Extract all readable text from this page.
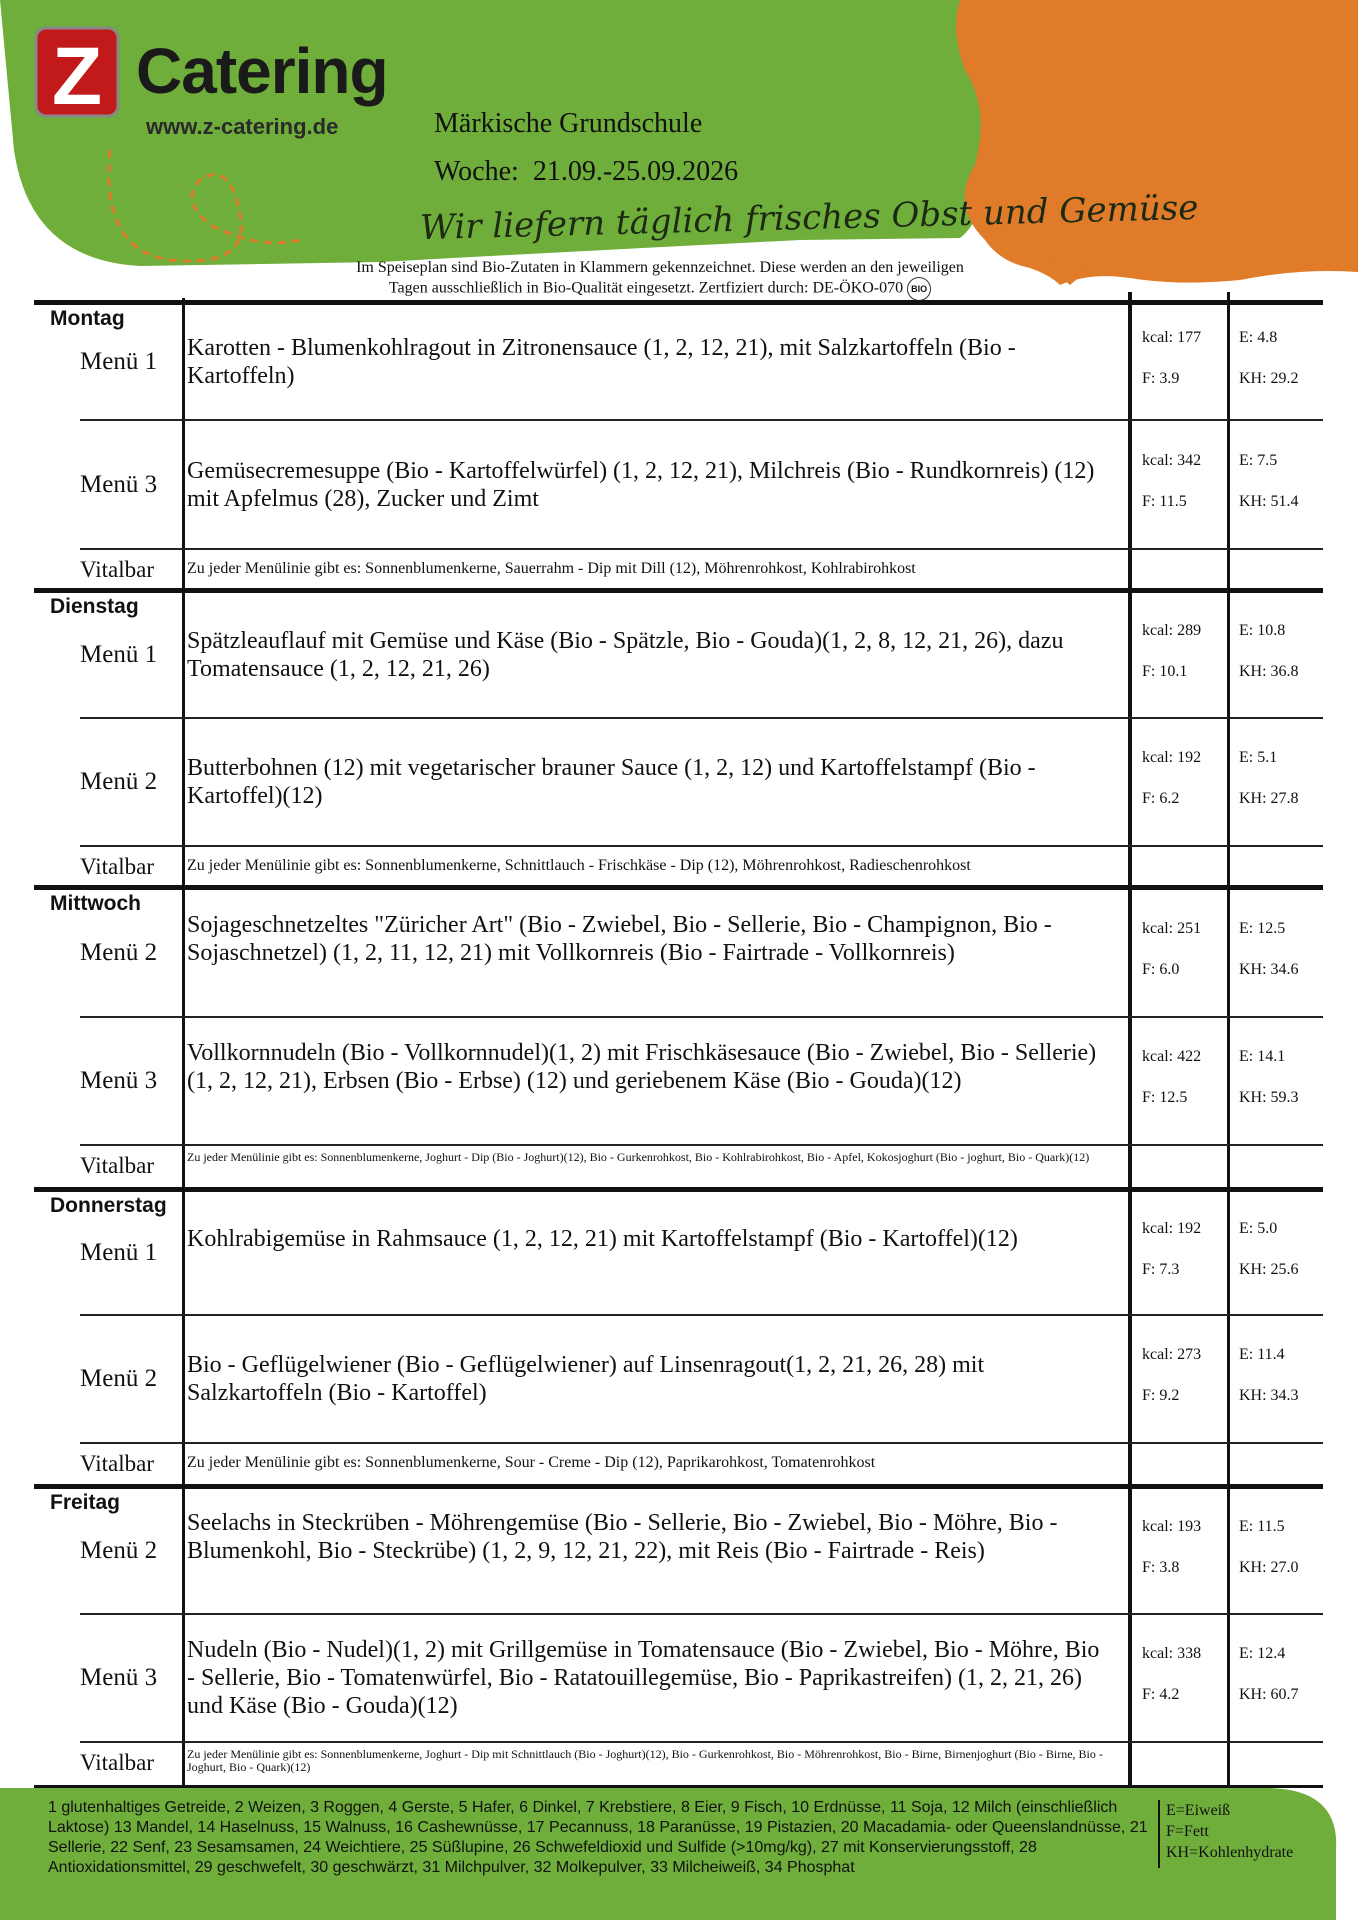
Z Catering
www.z-catering.de	Märkische Grundschule
Woche: 21.09.-25.09.2026
Wir liefern täglich frisches Obst und Gemüse
Im Speiseplan sind Bio-Zutaten in Klammern gekennzeichnet. Diese werden an den jeweiligen
Tagen ausschließlich in Bio-Qualität eingesetzt. Zertfiziert durch: DE-ÖKO-070 BIO
Montag
Menü 1	Karotten - Blumenkohlragout in Zitronensauce (1, 2, 12, 21), mit Salzkartoffeln (Bio - Kartoffeln)
kcal: 177
F: 3.9
E: 4.8
KH: 29.2
Menü 3	Gemüsecremesuppe (Bio - Kartoffelwürfel) (1, 2, 12, 21), Milchreis (Bio - Rundkornreis) (12) mit Apfelmus (28), Zucker und Zimt
kcal: 342
F: 11.5
E: 7.5
KH: 51.4
Vitalbar Zu jeder Menülinie gibt es: Sonnenblumenkerne, Sauerrahm - Dip mit Dill (12), Möhrenrohkost, Kohlrabirohkost
Dienstag
Menü 1	Spätzleauflauf mit Gemüse und Käse (Bio - Spätzle, Bio - Gouda)(1, 2, 8, 12, 21, 26), dazu Tomatensauce (1, 2, 12, 21, 26)
kcal: 289
F: 10.1
E: 10.8
KH: 36.8
Menü 2	Butterbohnen (12) mit vegetarischer brauner Sauce (1, 2, 12) und Kartoffelstampf (Bio - Kartoffel)(12)
kcal: 192
F: 6.2
E: 5.1
KH: 27.8
Vitalbar Zu jeder Menülinie gibt es: Sonnenblumenkerne, Schnittlauch - Frischkäse - Dip (12), Möhrenrohkost, Radieschenrohkost
Mittwoch
Menü 2
Sojageschnetzeltes "Züricher Art" (Bio - Zwiebel, Bio - Sellerie, Bio - Champignon, Bio - Sojaschnetzel) (1, 2, 11, 12, 21) mit Vollkornreis (Bio - Fairtrade - Vollkornreis)
kcal: 251
F: 6.0
E: 12.5
KH: 34.6
Menü 3
Vollkornnudeln (Bio - Vollkornnudel)(1, 2) mit Frischkäsesauce (Bio - Zwiebel, Bio - Sellerie) (1, 2, 12, 21), Erbsen (Bio - Erbse) (12) und geriebenem Käse (Bio - Gouda)(12)
kcal: 422
F: 12.5
E: 14.1
KH: 59.3
Vitalbar	Zu jeder Menülinie gibt es: Sonnenblumenkerne, Joghurt - Dip (Bio - Joghurt)(12), Bio - Gurkenrohkost, Bio - Kohlrabirohkost, Bio - Apfel, Kokosjoghurt (Bio - joghurt, Bio - Quark)(12)
Donnerstag
Menü 1	Kohlrabigemüse in Rahmsauce (1, 2, 12, 21) mit Kartoffelstampf (Bio - Kartoffel)(12)	kcal: 192
F: 7.3
E: 5.0
KH: 25.6
Menü 2	Bio - Geflügelwiener (Bio - Geflügelwiener) auf Linsenragout(1, 2, 21, 26, 28) mit Salzkartoffeln (Bio - Kartoffel)
kcal: 273
F: 9.2
E: 11.4
KH: 34.3
Vitalbar Zu jeder Menülinie gibt es: Sonnenblumenkerne, Sour - Creme - Dip (12), Paprikarohkost, Tomatenrohkost
Freitag
Menü 2
Seelachs in Steckrüben - Möhrengemüse (Bio - Sellerie, Bio - Zwiebel, Bio - Möhre, Bio - Blumenkohl, Bio - Steckrübe) (1, 2, 9, 12, 21, 22), mit Reis (Bio - Fairtrade - Reis)
kcal: 193
F: 3.8
E: 11.5
KH: 27.0
Menü 3
Nudeln (Bio - Nudel)(1, 2) mit Grillgemüse in Tomatensauce (Bio - Zwiebel, Bio - Möhre, Bio - Sellerie, Bio - Tomatenwürfel, Bio - Ratatouillegemüse, Bio - Paprikastreifen) (1, 2, 21, 26) und Käse (Bio - Gouda)(12)
kcal: 338
F: 4.2
E: 12.4
KH: 60.7
Vitalbar	Zu jeder Menülinie gibt es: Sonnenblumenkerne, Joghurt - Dip mit Schnittlauch (Bio - Joghurt)(12), Bio - Gurkenrohkost, Bio - Möhrenrohkost, Bio - Birne, Birnenjoghurt (Bio - Birne, Bio - Joghurt, Bio - Quark)(12)
1 glutenhaltiges Getreide, 2 Weizen, 3 Roggen, 4 Gerste, 5 Hafer, 6 Dinkel, 7 Krebstiere, 8 Eier, 9 Fisch, 10 Erdnüsse, 11 Soja, 12 Milch (einschließlich Laktose) 13 Mandel, 14 Haselnuss, 15 Walnuss, 16 Cashewnüsse, 17 Pecannuss, 18 Paranüsse, 19 Pistazien, 20 Macadamia- oder Queenslandnüsse, 21 Sellerie, 22 Senf, 23 Sesamsamen, 24 Weichtiere, 25 Süßlupine, 26 Schwefeldioxid und Sulfide (>10mg/kg), 27 mit Konservierungsstoff, 28 Antioxidationsmittel, 29 geschwefelt, 30 geschwärzt, 31 Milchpulver, 32 Molkepulver, 33 Milcheiweiß, 34 Phosphat
E=Eiweiß
F=Fett
KH=Kohlenhydrate
